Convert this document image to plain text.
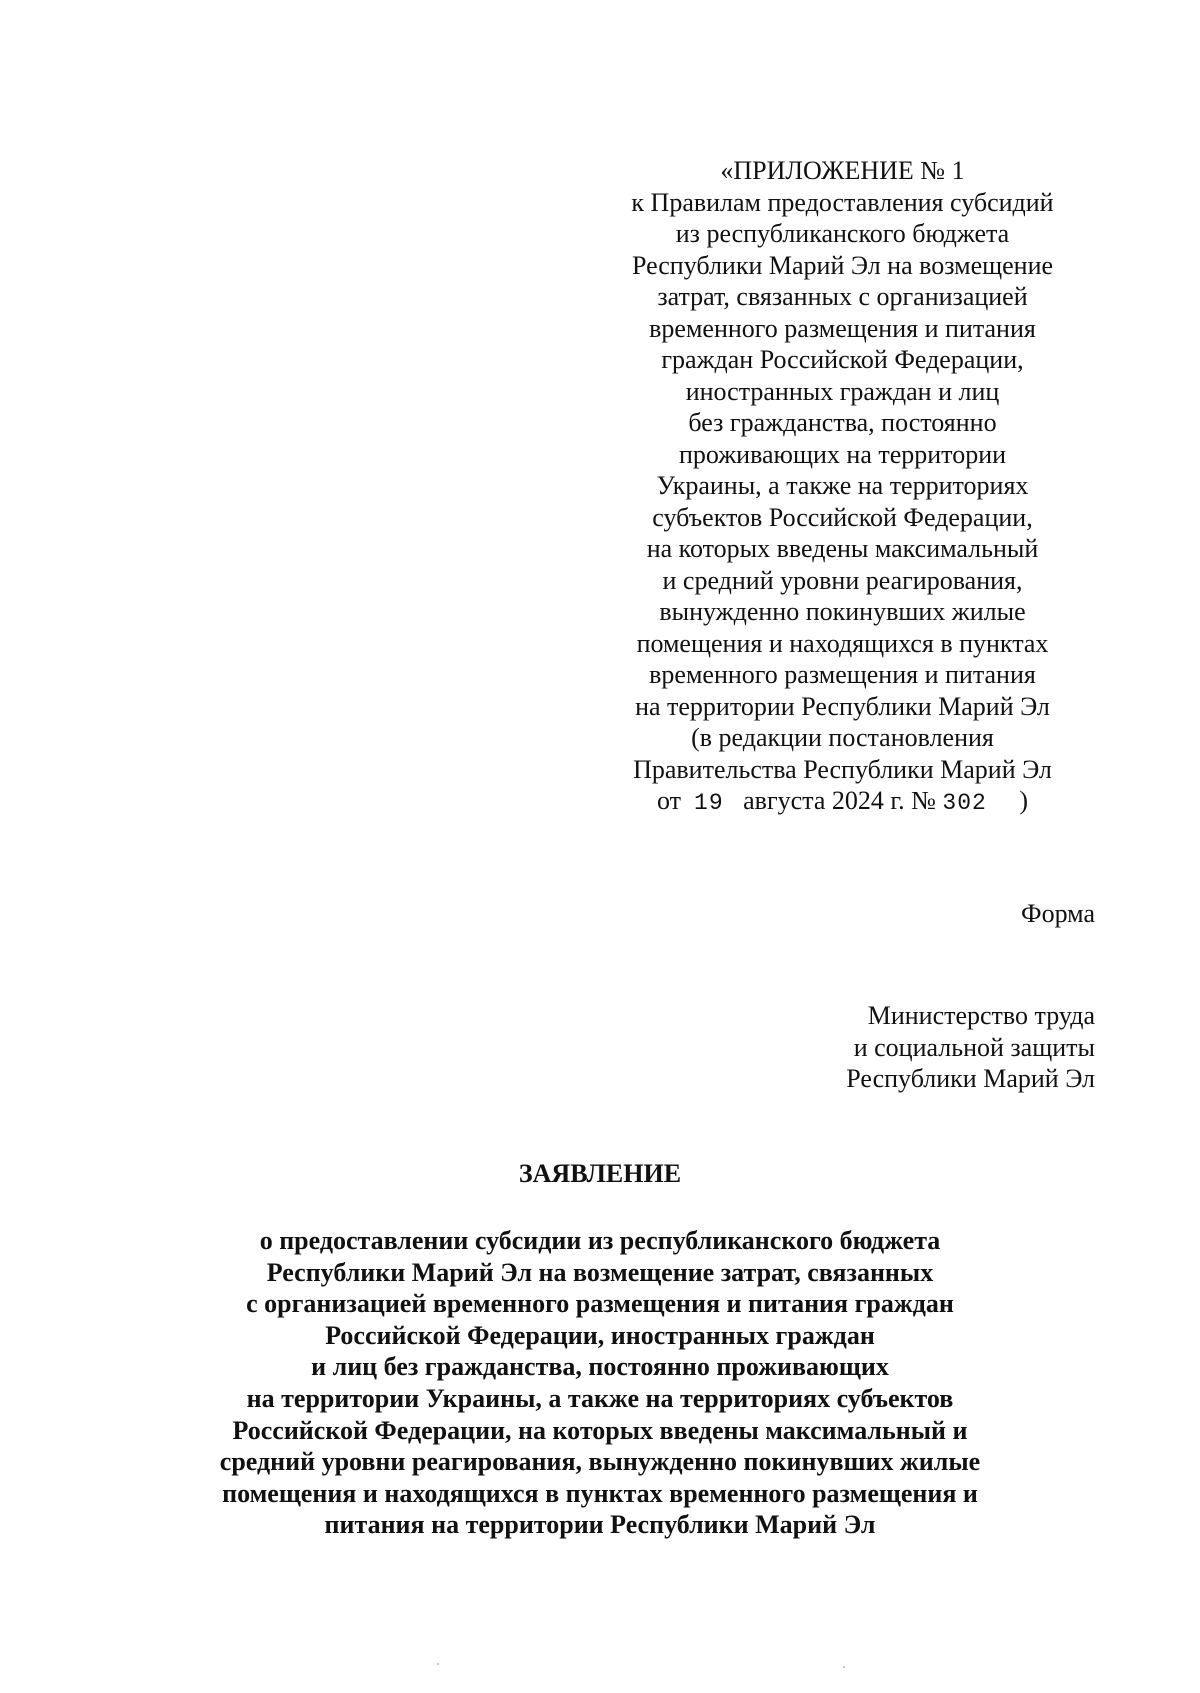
«ПРИЛОЖЕНИЕ № 1
к Правилам предоставления субсидий
из республиканского бюджета
Республики Марий Эл на возмещение
затрат, связанных с организацией
временного размещения и питания
граждан Российской Федерации,
иностранных граждан и лиц
без гражданства, постоянно
проживающих на территории
Украины, а также на территориях
субъектов Российской Федерации,
на которых введены максимальный
и средний уровни реагирования,
вынужденно покинувших жилые
помещения и находящихся в пунктах
временного размещения и питания
на территории Республики Марий Эл
(в редакции постановления
Правительства Республики Марий Эл
от 19 августа 2024 г. № 302 )
Форма
Министерство труда
и социальной защиты
Республики Марий Эл
ЗАЯВЛЕНИЕ
о предоставлении субсидии из республиканского бюджета
Республики Марий Эл на возмещение затрат, связанных
с организацией временного размещения и питания граждан
Российской Федерации, иностранных граждан
и лиц без гражданства, постоянно проживающих
на территории Украины, а также на территориях субъектов
Российской Федерации, на которых введены максимальный и
средний уровни реагирования, вынужденно покинувших жилые
помещения и находящихся в пунктах временного размещения и
питания на территории Республики Марий Эл
